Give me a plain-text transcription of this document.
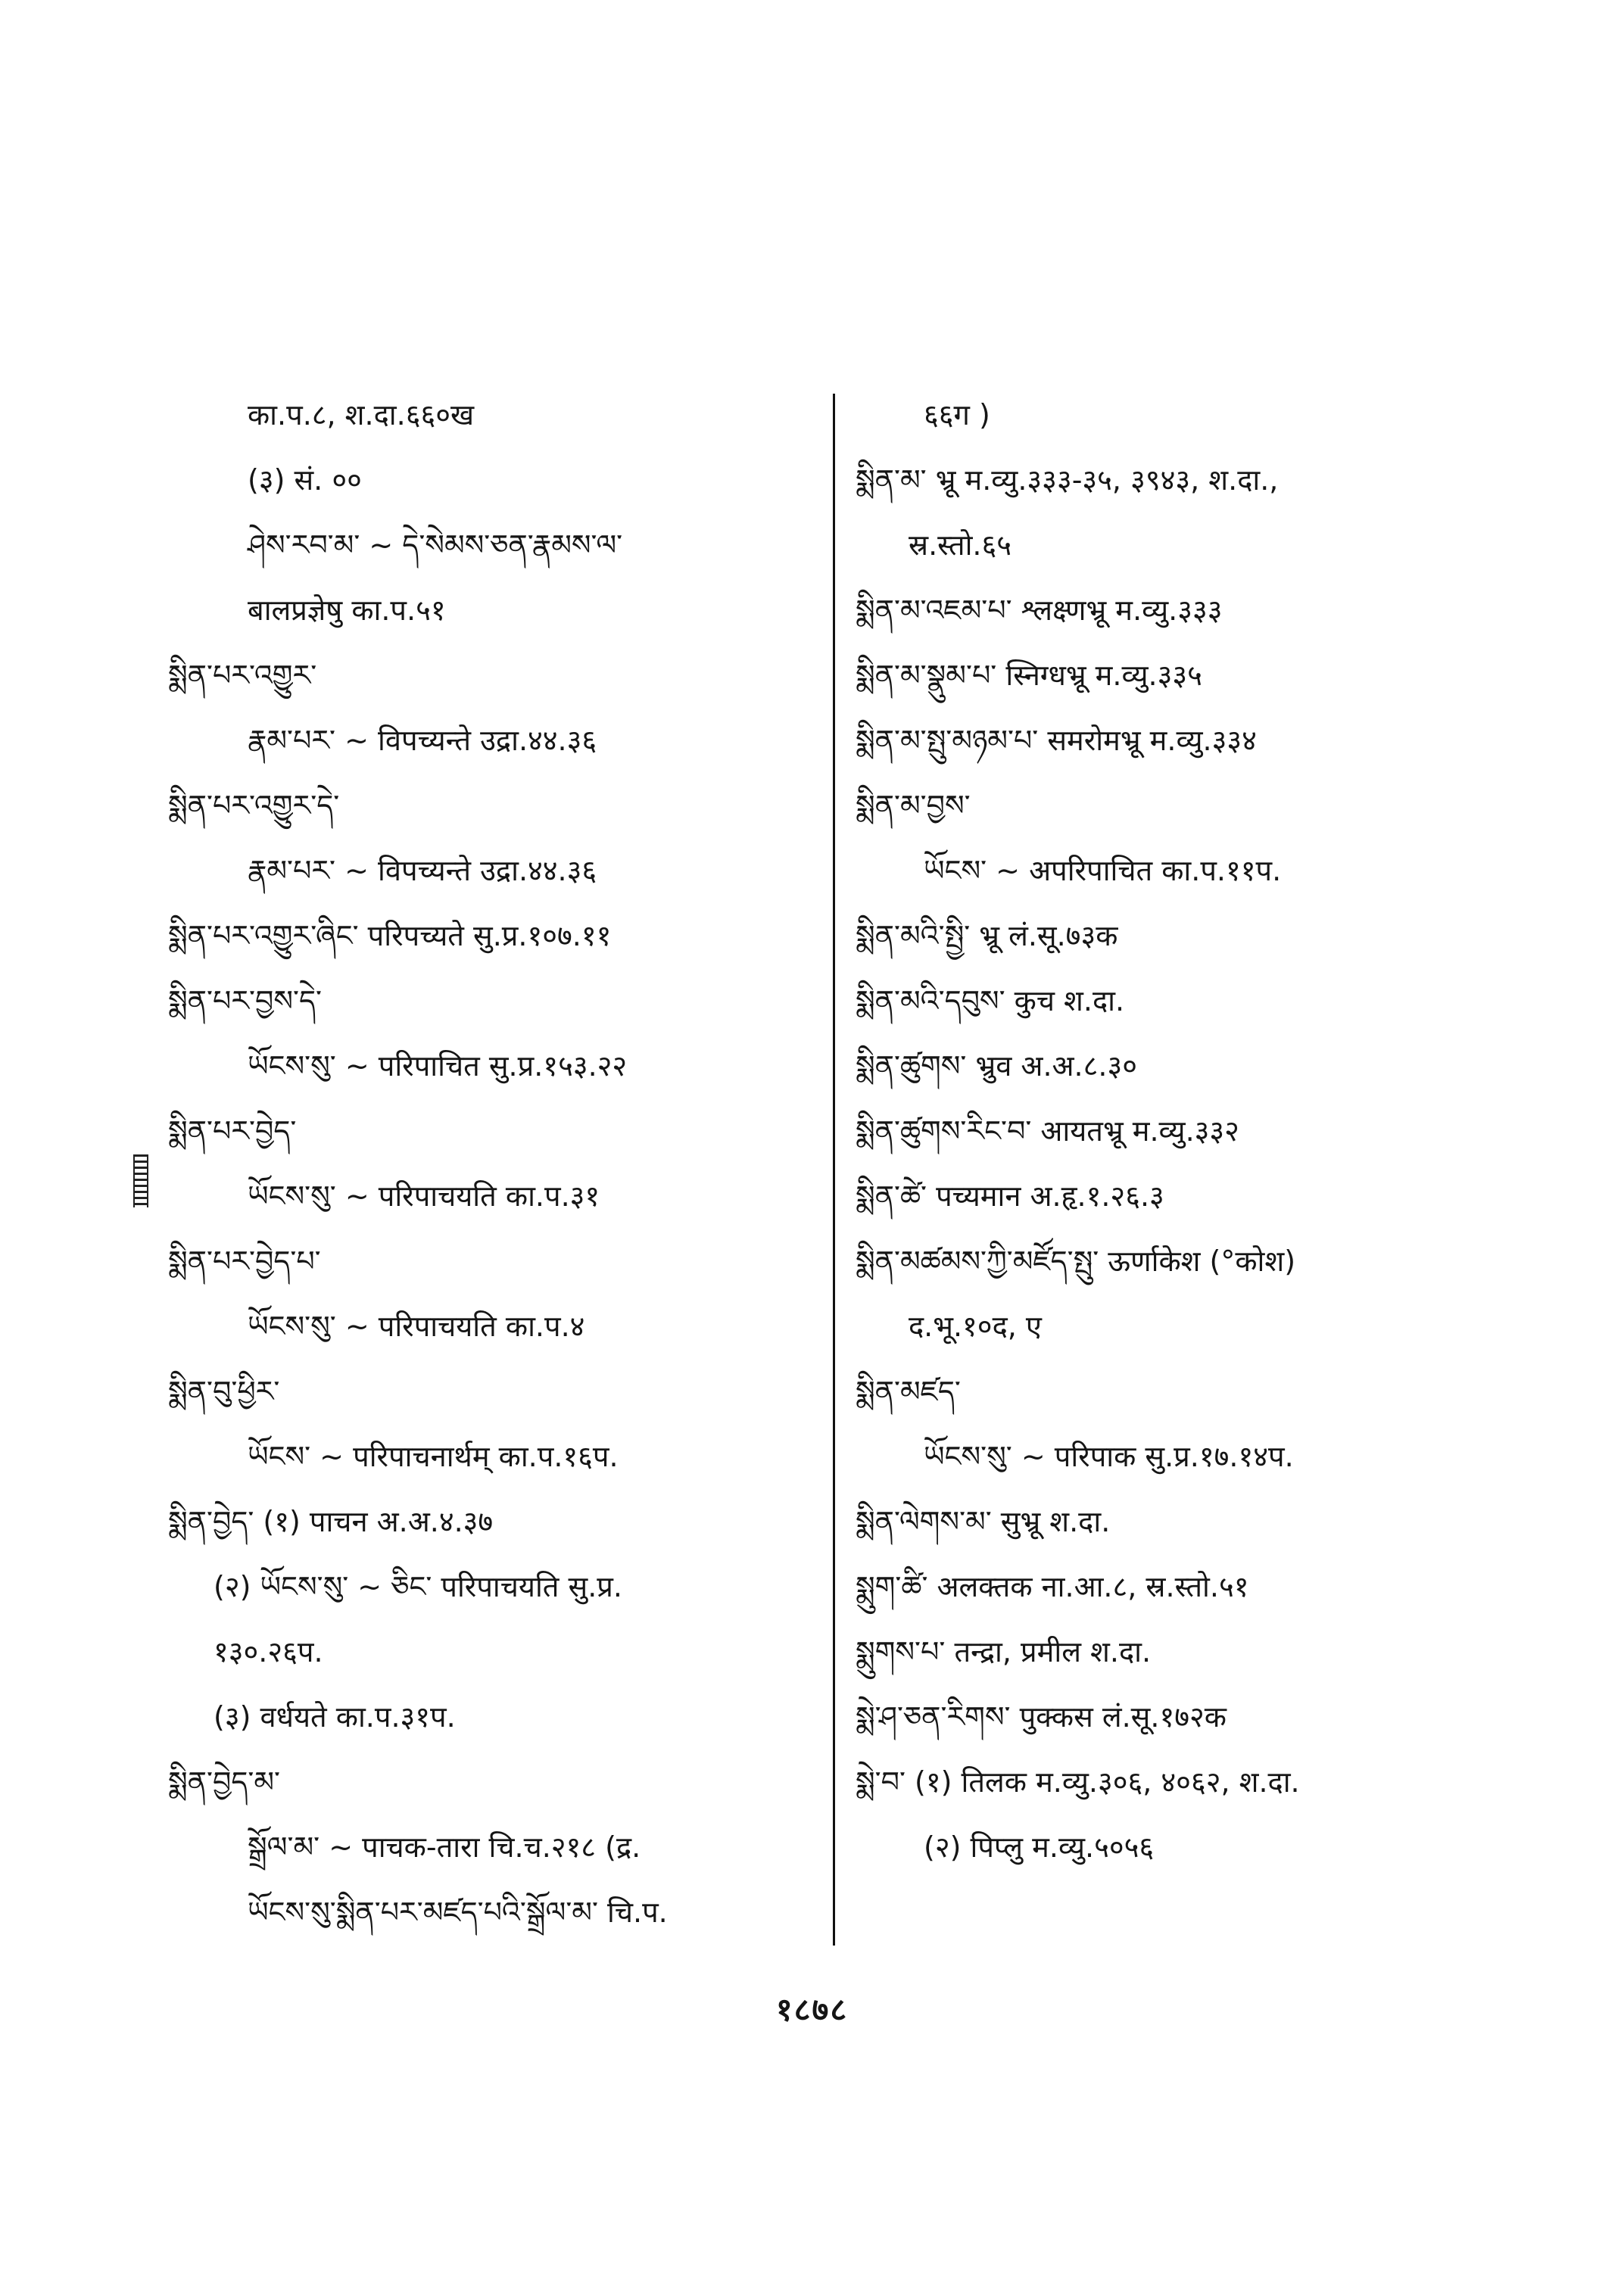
का.प.८, श.दा.६६०ख
(३) सं. ००
ཤེས་རབ་མ་ ~ དེ་སེམས་ཅན་རྣམས་ལ་
बालप्रज्ञेषु का.प.५१
སྨིན་པར་འགྱུར་
རྣམ་པར་ ~ विपच्यन्ते उद्रा.४४.३६
སྨིན་པར་འགྱུར་དེ་
རྣམ་པར་ ~ विपच्यन्ते उद्रा.४४.३६
སྨིན་པར་འགྱུར་ཞིང་ परिपच्यते सु.प्र.१०७.११
སྨིན་པར་བྱས་དེ་
ཡོངས་སུ་ ~ परिपाचित सु.प्र.१५३.२२
སྨིན་པར་བྱེད་
ཡོངས་སུ་ ~ परिपाचयति का.प.३१
སྨིན་པར་བྱེད་པ་
ཡོངས་སུ་ ~ परिपाचयति का.प.४
སྨིན་བུ་ཕྱིར་
ཡོངས་ ~ परिपाचनार्थम् का.प.१६प.
སྨིན་བྱེད་ (१) पाचन अ.अ.४.३७
(२) ཡོངས་སུ་ ~ ཅིང་ परिपाचयति सु.प्र.
१३०.२६प.
(३) वर्धयते का.प.३१प.
སྨིན་བྱེད་མ་
སྒྲོལ་མ་ ~ पाचक-तारा चि.च.२१८ (द्र.
ཡོངས་སུ་སྨིན་པར་མཛད་པའི་སྒྲོལ་མ་ चि.प.
६६ग )
སྨིན་མ་ भ्रू म.व्यु.३३३-३५, ३९४३, श.दा.,
स्र.स्तो.६५
སྨིན་མ་འཇམ་པ་ श्लक्ष्णभ्रू म.व्यु.३३३
སྨིན་མ་སྣུམ་པ་ स्निग्धभ्रू म.व्यु.३३५
སྨིན་མ་སྤུ་མཉམ་པ་ समरोमभ्रू म.व्यु.३३४
སྨིན་མ་བྱས་
ཡོངས་ ~ अपरिपाचित का.प.११प.
སྨིན་མའི་སྤྱི་ भ्रू लं.सू.७३क
སྨིན་མའི་དབུས་ कुच श.दा.
སྨིན་ཚུགས་ भ्रुव अ.अ.८.३०
སྨིན་ཚུགས་རིང་བ་ आयतभ्रू म.व्यु.३३२
སྨིན་ཚེ་ पच्यमान अ.हृ.१.२६.३
སྨིན་མཚམས་ཀྱི་མཛོད་སྤུ་ ऊर्णाकेश (°कोश)
द.भू.१०द, ए
སྨིན་མཛད་
ཡོངས་སུ་ ~ परिपाक सु.प्र.१७.१४प.
སྨིན་ལེགས་མ་ सुभ्रू श.दा.
སྨུག་ཚི་ अलक्तक ना.आ.८, स्र.स्तो.५१
སྨུགས་པ་ तन्द्रा, प्रमील श.दा.
སྨེ་ཤ་ཅན་རིགས་ पुक्कस लं.सू.१७२क
སྨེ་བ་ (१) तिलक म.व्यु.३०६, ४०६२, श.दा.
(२) पिप्लु म.व्यु.५०५६
१८७८
